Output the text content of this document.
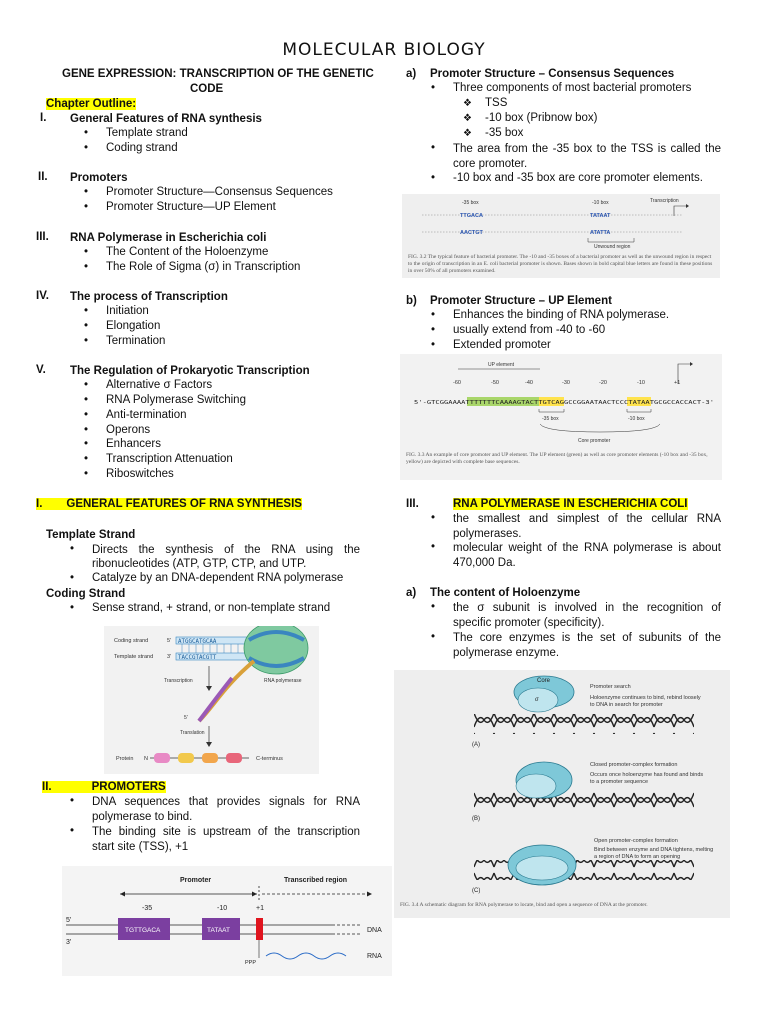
MOLECULAR BIOLOGY
GENE EXPRESSION: TRANSCRIPTION OF THE GENETIC
CODE
Chapter Outline:
I. General Features of RNA synthesis
• Template strand
• Coding strand
II. Promoters
• Promoter Structure—Consensus Sequences
• Promoter Structure—UP Element
III. RNA Polymerase in Escherichia coli
• The Content of the Holoenzyme
• The Role of Sigma (σ) in Transcription
IV. The process of Transcription
• Initiation
• Elongation
• Termination
V. The Regulation of Prokaryotic Transcription
• Alternative σ Factors
• RNA Polymerase Switching
• Anti-termination
• Operons
• Enhancers
• Transcription Attenuation
• Riboswitches
I. GENERAL FEATURES OF RNA SYNTHESIS
Template Strand
Directs the synthesis of the RNA using the
•
ribonucleotides (ATP, GTP, CTP, and UTP.
• Catalyze by an DNA-dependent RNA polymerase
Coding Strand
• Sense strand, + strand, or non-template strand
Coding strand
Template strand
5'
3'
ATGGCATGCAA
TACCGTACGTT
RNA polymerase
Transcription
5'
Translation
Protein N	C-terminus
II.	PROMOTERS
• DNA sequences that provides signals for RNA
polymerase to bind.
• The binding site is upstream of the transcription
start site (TSS), +1
Promoter	Transcribed region
-35	-10	+1
5'
3'
TGTTGACA	TATAAT	DNA
RNA
PPP
a) Promoter Structure – Consensus Sequences
• Three components of most bacterial promoters
❖ TSS
❖ -10 box (Pribnow box)
❖ -35 box
• The area from the -35 box to the TSS is called the
core promoter.
• -10 box and -35 box are core promoter elements.
-35 box	-10 box	Transcription
TTGACA	TATAAT
AACTGT	ATATTA
Unwound region
FIG. 3.2 The typical feature of bacterial promoter. The -10 and -35 boxes of a bacterial promoter as well as the unwound region in respect to the origin of transcription in an E. coli bacterial promoter is shown. Bases shown in bold capital blue letters are found in these positions in over 50% of all promoters examined.
b) Promoter Structure – UP Element
• Enhances the binding of RNA polymerase.
• usually extend from -40 to -60
• Extended promoter
UP element
-60	-50	-40	-30	-20	-10	+1
5'-GTCGG AAAATTTTTTTCAAAAGTA	CTTGTC AGGCCGGAATAACTCCC	TATAAT GCGCCACCACT-3'
-35 box	-10 box
Core promoter
FIG. 3.3 An example of core promoter and UP element. The UP element (green) as well as core promoter elements (-10 box and -35 box, yellow) are depicted with complete base sequences.
III.	RNA POLYMERASE IN ESCHERICHIA COLI
• the smallest and simplest of the cellular RNA
polymerases.
• molecular weight of the RNA polymerase is about
470,000 Da.
a) The content of Holoenzyme
• the σ subunit is involved in the recognition of
specific promoter (specificity).
• The core enzymes is the set of subunits of the
polymerase enzyme.
Core
σ
Promoter search
Holoenzyme continues to bind, rebind loosely
to DNA in search for promoter
(A)
Closed promoter-complex formation
Occurs once holoenzyme has found and binds
to a promoter sequence
(B)
Open promoter-complex formation
Bind between enzyme and DNA tightens, melting
a region of DNA to form an opening
(C)
FIG. 3.4 A schematic diagram for RNA polymerase to locate, bind and open a sequence of DNA at the promoter.
